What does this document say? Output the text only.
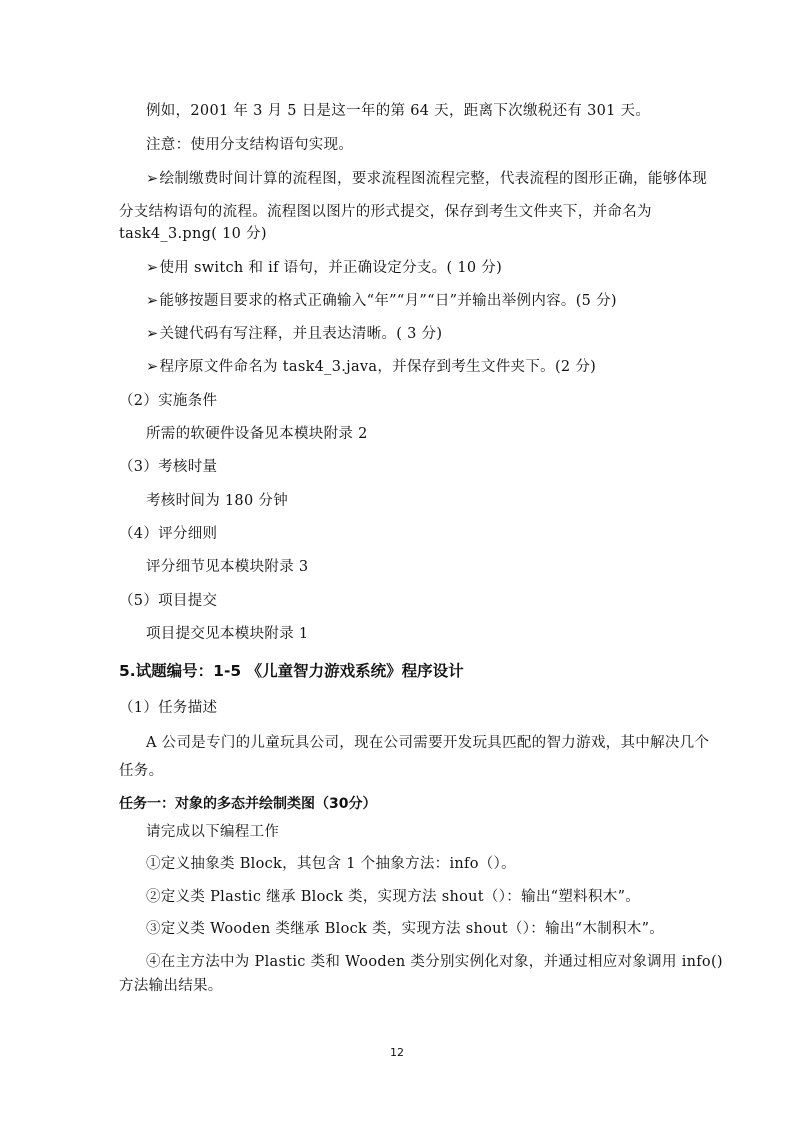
例如，2001 年 3 月 5 日是这一年的第 64 天，距离下次缴税还有 301 天。
注意：使用分支结构语句实现。
➢绘制缴费时间计算的流程图，要求流程图流程完整，代表流程的图形正确，能够体现
分支结构语句的流程。流程图以图片的形式提交，保存到考生文件夹下，并命名为
task4_3.png( 10 分)
➢使用 switch 和 if 语句，并正确设定分支。( 10 分)
➢能够按题目要求的格式正确输入“年”“月”“日”并输出举例内容。(5 分)
➢关键代码有写注释，并且表达清晰。( 3 分)
➢程序原文件命名为 task4_3.java，并保存到考生文件夹下。(2 分)
（2）实施条件
所需的软硬件设备见本模块附录 2
（3）考核时量
考核时间为 180 分钟
（4）评分细则
评分细节见本模块附录 3
（5）项目提交
项目提交见本模块附录 1
5.试题编号：1-5 《儿童智力游戏系统》程序设计
（1）任务描述
A 公司是专门的儿童玩具公司，现在公司需要开发玩具匹配的智力游戏，其中解决几个
任务。
任务一：对象的多态并绘制类图（30分）
请完成以下编程工作
①定义抽象类 Block，其包含 1 个抽象方法：info（）。
②定义类 Plastic 继承 Block 类，实现方法 shout（）：输出“塑料积木”。
③定义类 Wooden 类继承 Block 类，实现方法 shout（）：输出“木制积木”。
④在主方法中为 Plastic 类和 Wooden 类分别实例化对象，并通过相应对象调用 info()
方法输出结果。
12
